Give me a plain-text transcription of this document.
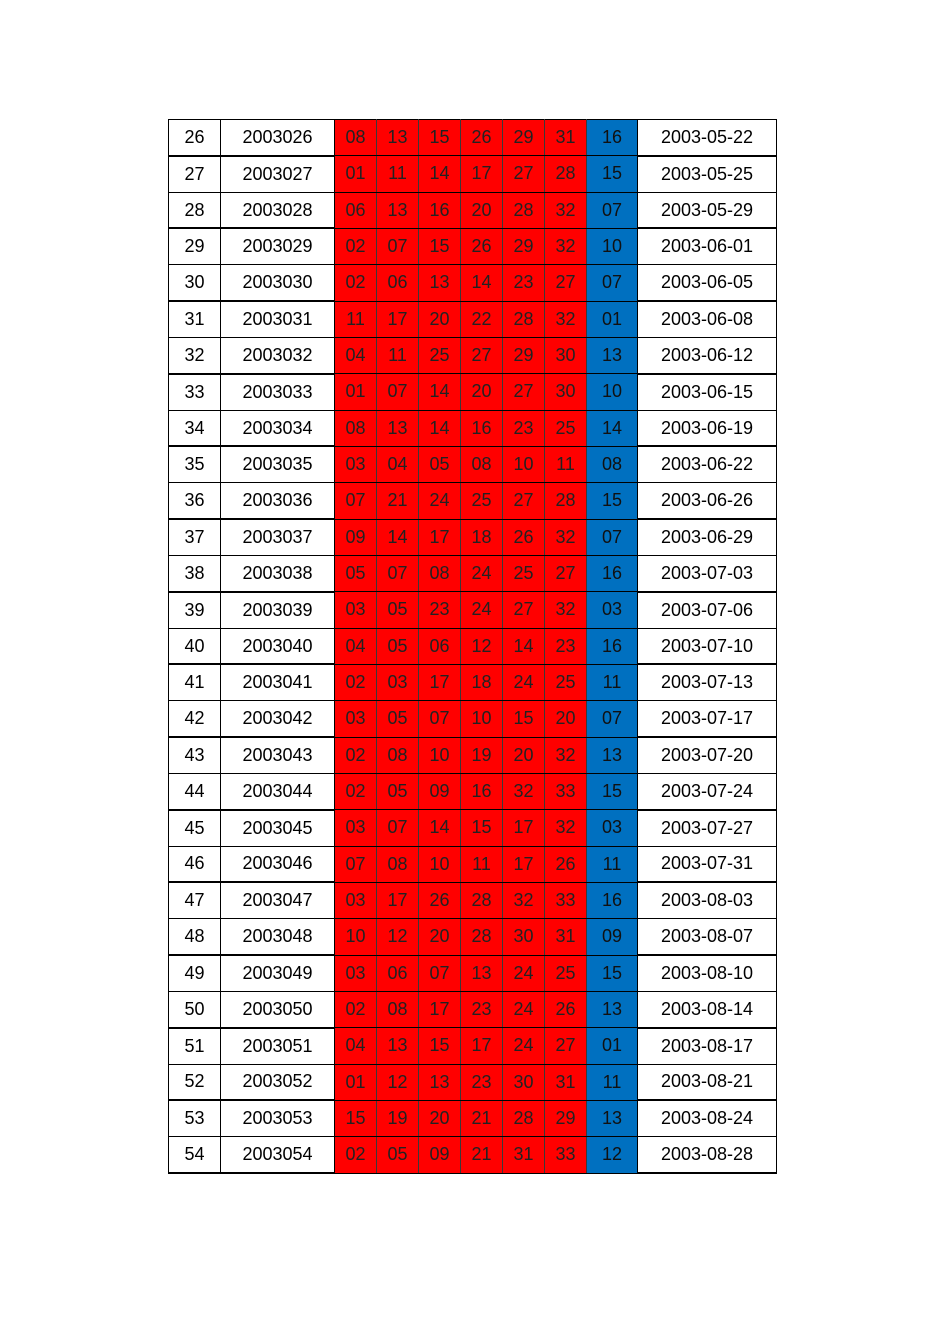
26	2003026	08	13	15	26	29	31	16	2003-05-22
27	2003027	01	11	14	17	27	28	15	2003-05-25
28	2003028	06	13	16	20	28	32	07	2003-05-29
29	2003029	02	07	15	26	29	32	10	2003-06-01
30	2003030	02	06	13	14	23	27	07	2003-06-05
31	2003031	11	17	20	22	28	32	01	2003-06-08
32	2003032	04	11	25	27	29	30	13	2003-06-12
33	2003033	01	07	14	20	27	30	10	2003-06-15
34	2003034	08	13	14	16	23	25	14	2003-06-19
35	2003035	03	04	05	08	10	11	08	2003-06-22
36	2003036	07	21	24	25	27	28	15	2003-06-26
37	2003037	09	14	17	18	26	32	07	2003-06-29
38	2003038	05	07	08	24	25	27	16	2003-07-03
39	2003039	03	05	23	24	27	32	03	2003-07-06
40	2003040	04	05	06	12	14	23	16	2003-07-10
41	2003041	02	03	17	18	24	25	11	2003-07-13
42	2003042	03	05	07	10	15	20	07	2003-07-17
43	2003043	02	08	10	19	20	32	13	2003-07-20
44	2003044	02	05	09	16	32	33	15	2003-07-24
45	2003045	03	07	14	15	17	32	03	2003-07-27
46	2003046	07	08	10	11	17	26	11	2003-07-31
47	2003047	03	17	26	28	32	33	16	2003-08-03
48	2003048	10	12	20	28	30	31	09	2003-08-07
49	2003049	03	06	07	13	24	25	15	2003-08-10
50	2003050	02	08	17	23	24	26	13	2003-08-14
51	2003051	04	13	15	17	24	27	01	2003-08-17
52	2003052	01	12	13	23	30	31	11	2003-08-21
53	2003053	15	19	20	21	28	29	13	2003-08-24
54	2003054	02	05	09	21	31	33	12	2003-08-28
